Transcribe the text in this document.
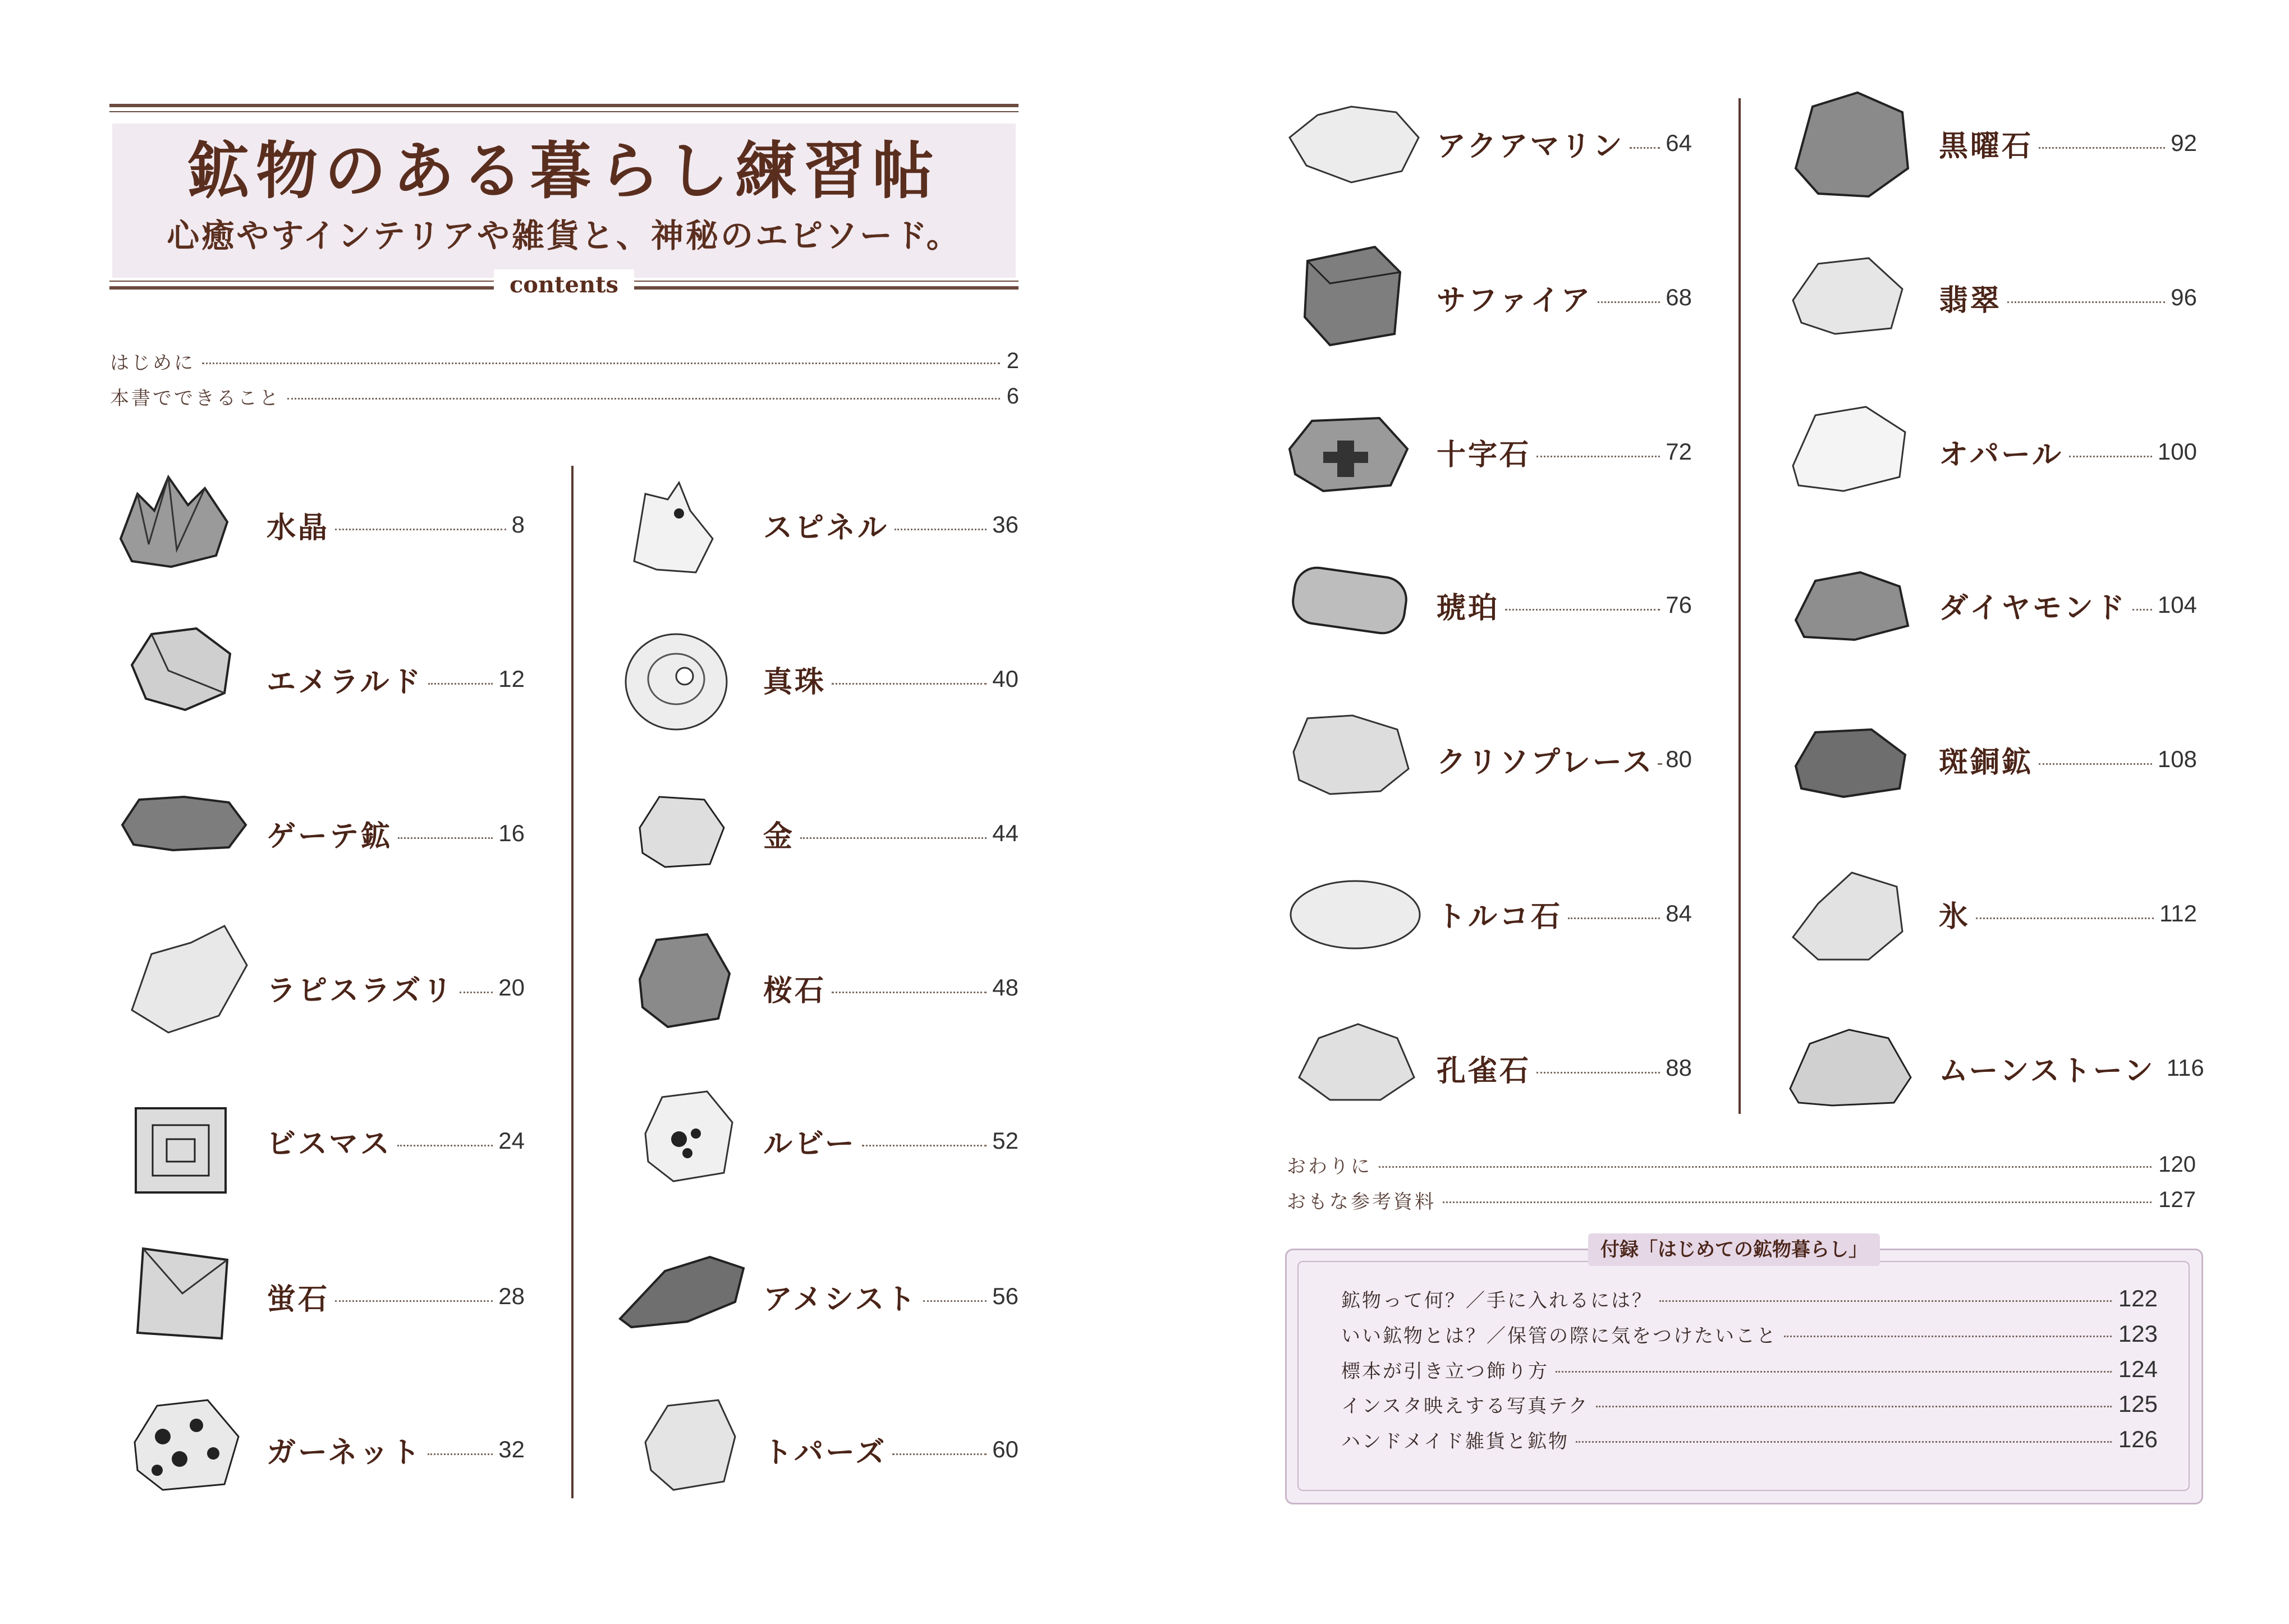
鉱物のある暮らし練習帖
心癒やすインテリアや雑貨と、神秘のエピソード。
contents
はじめに	2
本書でできること	6
水晶	8
エメラルド	12
ゲーテ鉱	16
ラピスラズリ 20
ビスマス	24
蛍石	28
ガーネット	32
スピネル	36
真珠	40
金	44
桜石	48
ルビー	52
アメシスト	56
トパーズ	60
アクアマリン 64
サファイア	68
十字石	72
琥珀	76
クリソプレース 80
トルコ石	84
孔雀石	88
黒曜石	92
翡翠	96
オパール	100
ダイヤモンド 104
斑銅鉱	108
氷	112
ムーンストーン 116
おわりに	120
おもな参考資料	127
付録「はじめての鉱物暮らし」
鉱物って何？／手に入れるには？	122
いい鉱物とは？／保管の際に気をつけたいこと	123
標本が引き立つ飾り方	124
インスタ映えする写真テク	125
ハンドメイド雑貨と鉱物	126
